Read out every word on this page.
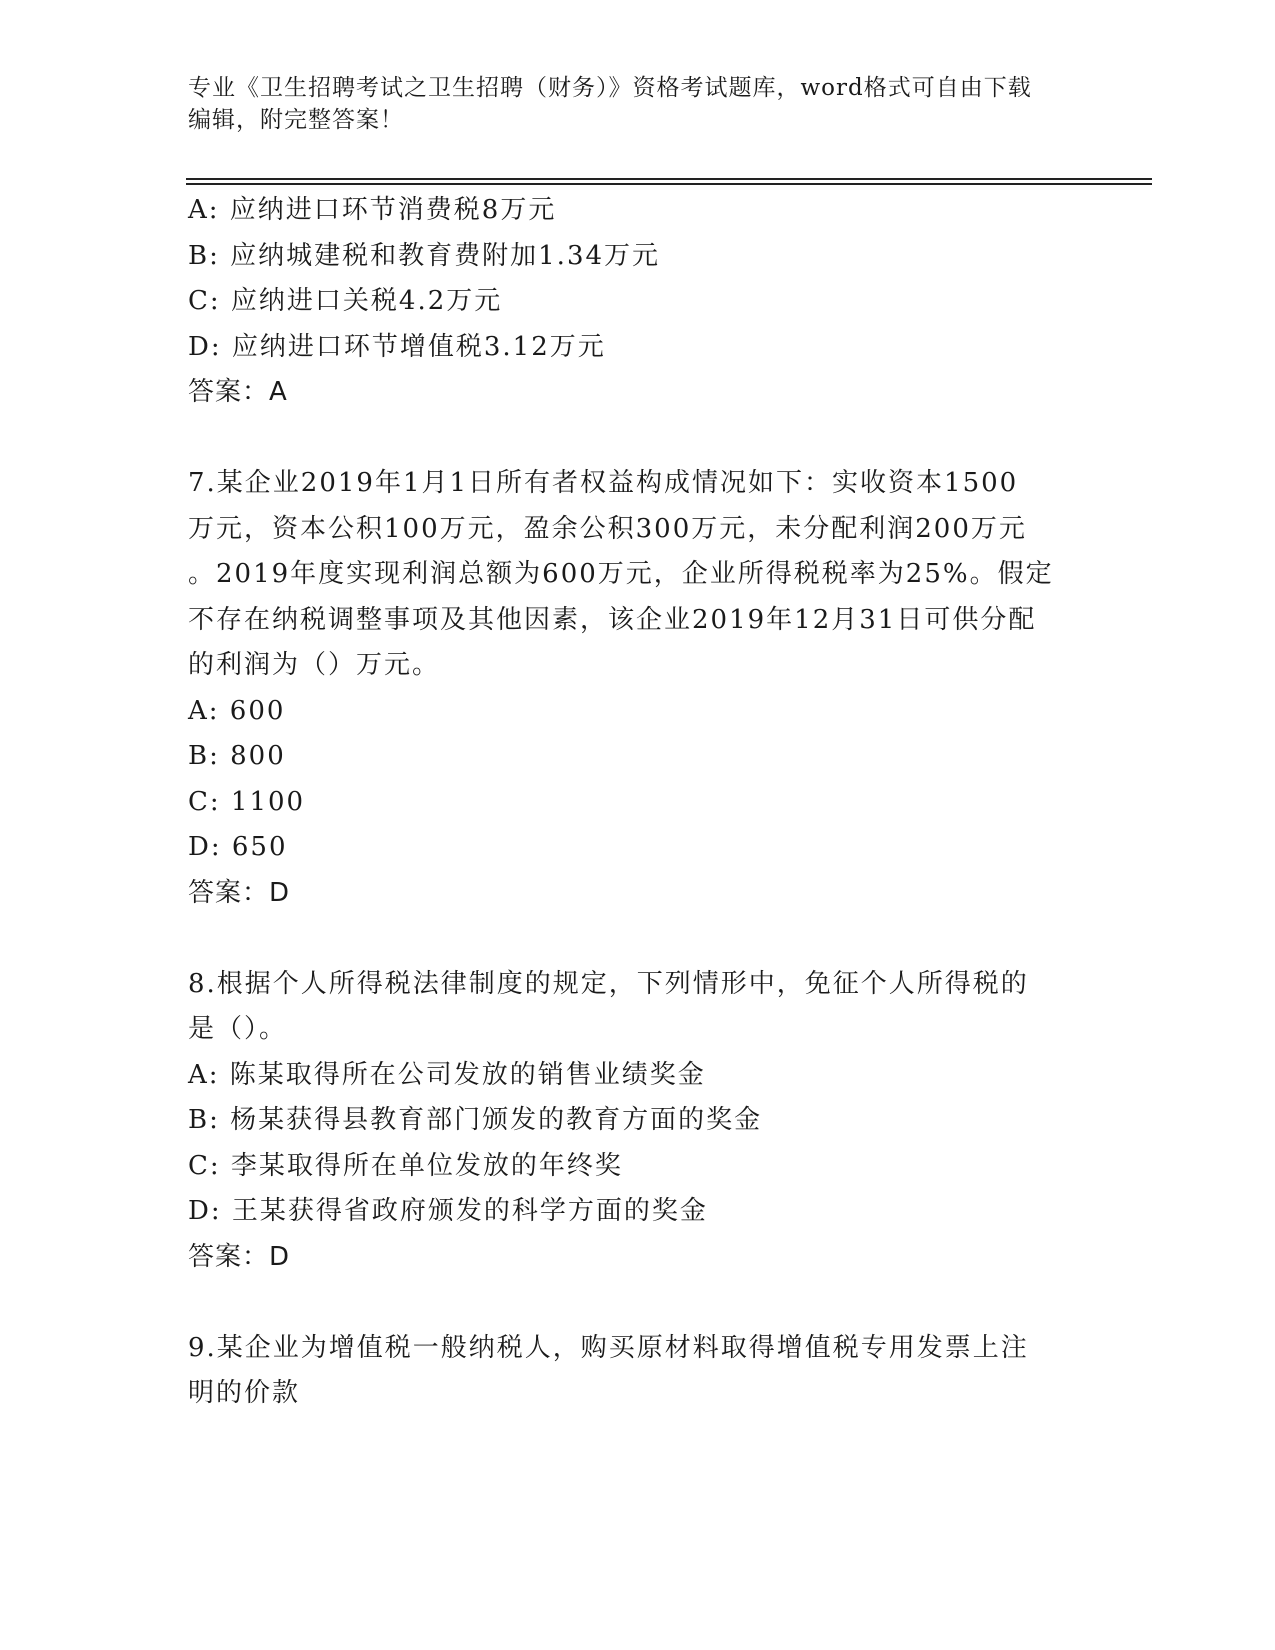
专业《卫生招聘考试之卫生招聘（财务）》资格考试题库，word格式可自由下载
编辑，附完整答案！
A: 应纳进口环节消费税8万元
B: 应纳城建税和教育费附加1.34万元
C: 应纳进口关税4.2万元
D: 应纳进口环节增值税3.12万元
答案：A
7.某企业2019年1月1日所有者权益构成情况如下：实收资本1500
万元，资本公积100万元，盈余公积300万元，未分配利润200万元
。2019年度实现利润总额为600万元，企业所得税税率为25%。假定
不存在纳税调整事项及其他因素，该企业2019年12月31日可供分配
的利润为（）万元。
A: 600
B: 800
C: 1100
D: 650
答案：D
8.根据个人所得税法律制度的规定，下列情形中，免征个人所得税的
是（）。
A: 陈某取得所在公司发放的销售业绩奖金
B: 杨某获得县教育部门颁发的教育方面的奖金
C: 李某取得所在单位发放的年终奖
D: 王某获得省政府颁发的科学方面的奖金
答案：D
9.某企业为增值税一般纳税人，购买原材料取得增值税专用发票上注
明的价款
